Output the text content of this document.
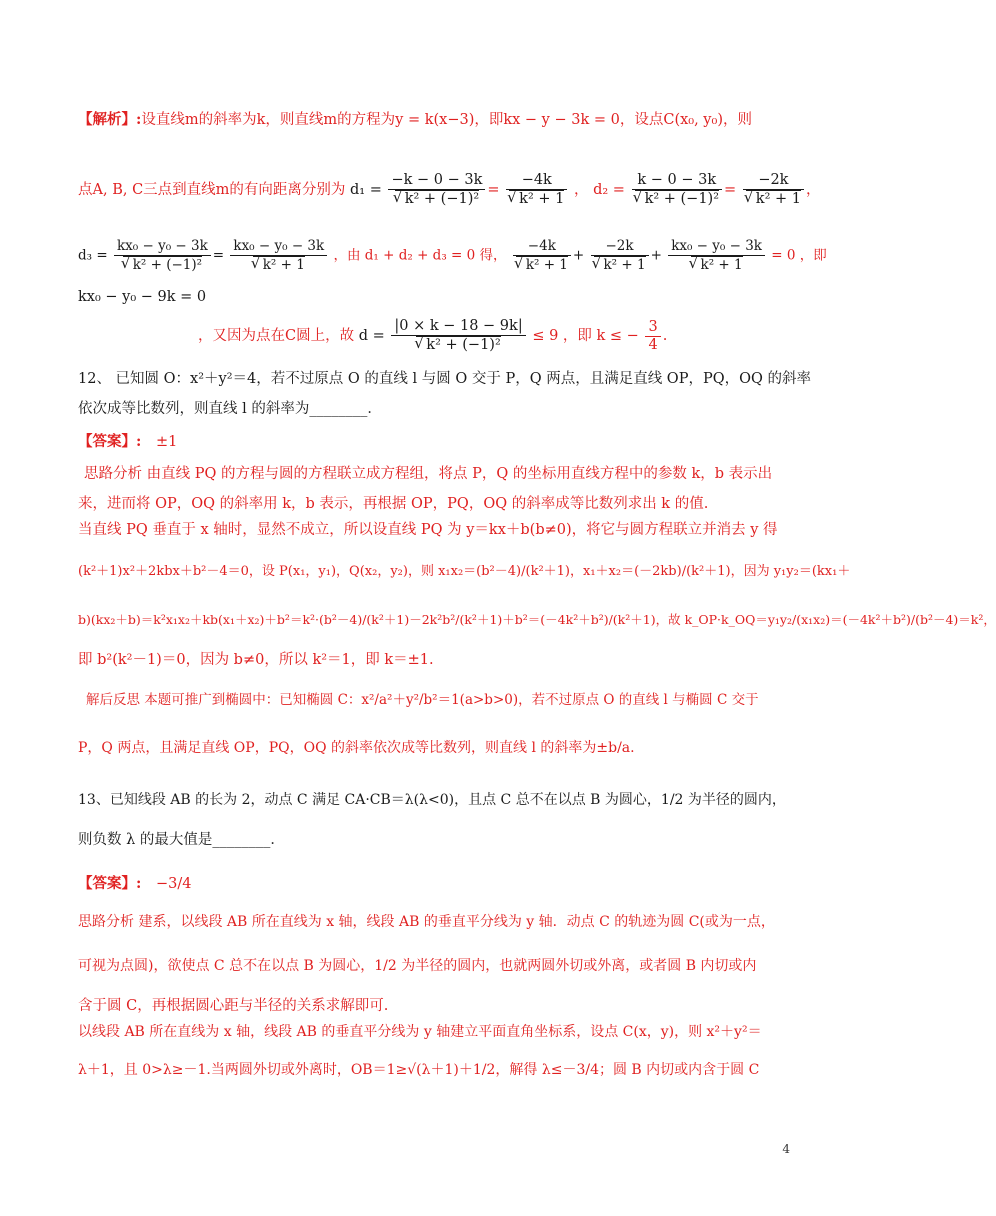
【解析】:设直线m的斜率为k，则直线m的方程为y = k(x−3)，即kx − y − 3k = 0，设点C(x₀, y₀)，则
点A, B, C三点到直线m的有向距离分别为 d₁ = −k − 0 − 3k
√ k² + (−1)² = −4k
√ k² + 1 ， d₂ = k − 0 − 3k
√ k² + (−1)² = −2k
√ k² + 1 ，
d₃ = kx₀ − y₀ − 3k
√ k² + (−1)² = kx₀ − y₀ − 3k
√ k² + 1 ，由 d₁ + d₂ + d₃ = 0 得， −4k
√ k² + 1 + −2k
√ k² + 1 + kx₀ − y₀ − 3k
√ k² + 1 = 0 ，即
kx₀ − y₀ − 9k = 0
，又因为点在C圆上，故 d = |0 × k − 18 − 9k|
√ k² + (−1)² ≤ 9 ，即 k ≤ − $\frac{3}{4}$ .
12、 已知圆 O：x²＋y²＝4，若不过原点 O 的直线 l 与圆 O 交于 P，Q 两点，且满足直线 OP，PQ，OQ 的斜率
依次成等比数列，则直线 l 的斜率为________．
【答案】: ±1
思路分析 由直线 PQ 的方程与圆的方程联立成方程组，将点 P，Q 的坐标用直线方程中的参数 k，b 表示出
来，进而将 OP，OQ 的斜率用 k，b 表示，再根据 OP，PQ，OQ 的斜率成等比数列求出 k 的值.
当直线 PQ 垂直于 x 轴时，显然不成立，所以设直线 PQ 为 y＝kx＋b(b≠0)，将它与圆方程联立并消去 y 得
(k²＋1)x²＋2kbx＋b²－4＝0，设 P(x₁，y₁)，Q(x₂，y₂)，则 x₁x₂＝(b²－4)/(k²＋1)，x₁＋x₂＝(－2kb)/(k²＋1)，因为 y₁y₂＝(kx₁＋
b)(kx₂＋b)＝k²x₁x₂＋kb(x₁＋x₂)＋b²＝k²·(b²－4)/(k²＋1)－2k²b²/(k²＋1)＋b²＝(－4k²＋b²)/(k²＋1)，故 k_OP·k_OQ＝y₁y₂/(x₁x₂)＝(－4k²＋b²)/(b²－4)＝k²，
即 b²(k²－1)＝0，因为 b≠0，所以 k²＝1，即 k＝±1.
解后反思 本题可推广到椭圆中：已知椭圆 C：x²/a²＋y²/b²＝1(a>b>0)，若不过原点 O 的直线 l 与椭圆 C 交于
P，Q 两点，且满足直线 OP，PQ，OQ 的斜率依次成等比数列，则直线 l 的斜率为±b/a.
13、已知线段 AB 的长为 2，动点 C 满足 CA·CB＝λ(λ<0)，且点 C 总不在以点 B 为圆心，1/2 为半径的圆内，
则负数 λ 的最大值是________．
【答案】: −3/4
思路分析 建系，以线段 AB 所在直线为 x 轴，线段 AB 的垂直平分线为 y 轴．动点 C 的轨迹为圆 C(或为一点，
可视为点圆)，欲使点 C 总不在以点 B 为圆心，1/2 为半径的圆内，也就两圆外切或外离，或者圆 B 内切或内
含于圆 C，再根据圆心距与半径的关系求解即可.
以线段 AB 所在直线为 x 轴，线段 AB 的垂直平分线为 y 轴建立平面直角坐标系，设点 C(x，y)，则 x²＋y²＝
λ＋1，且 0>λ≥－1.当两圆外切或外离时，OB＝1≥√(λ＋1)＋1/2，解得 λ≤－3/4；圆 B 内切或内含于圆 C
4
